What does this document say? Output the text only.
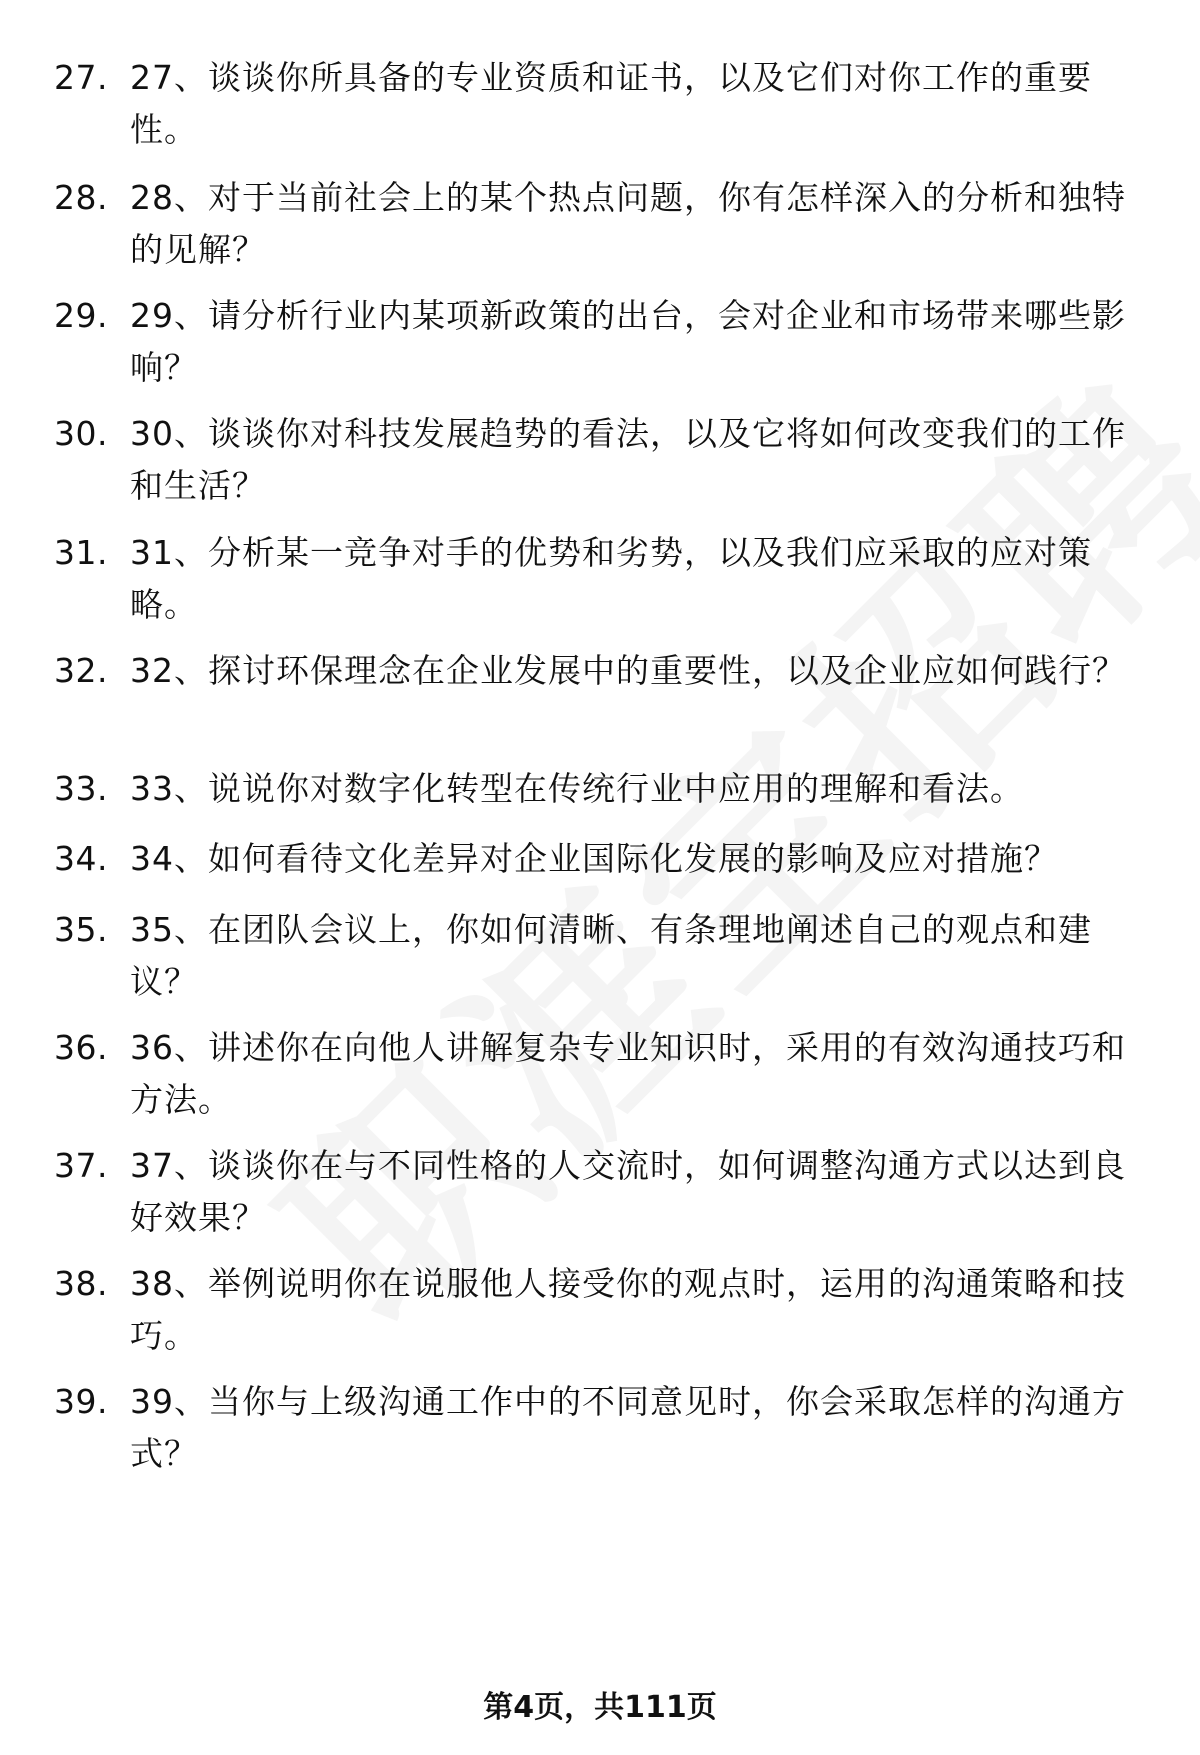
27. 27、谈谈你所具备的专业资质和证书，以及它们对你工作的重要性。
28. 28、对于当前社会上的某个热点问题，你有怎样深入的分析和独特的见解？
29. 29、请分析行业内某项新政策的出台，会对企业和市场带来哪些影响？
30. 30、谈谈你对科技发展趋势的看法，以及它将如何改变我们的工作和生活？
31. 31、分析某一竞争对手的优势和劣势，以及我们应采取的应对策略。
32. 32、探讨环保理念在企业发展中的重要性，以及企业应如何践行？
33. 33、说说你对数字化转型在传统行业中应用的理解和看法。
34. 34、如何看待文化差异对企业国际化发展的影响及应对措施？
35. 35、在团队会议上，你如何清晰、有条理地阐述自己的观点和建议？
36. 36、讲述你在向他人讲解复杂专业知识时，采用的有效沟通技巧和方法。
37. 37、谈谈你在与不同性格的人交流时，如何调整沟通方式以达到良好效果？
38. 38、举例说明你在说服他人接受你的观点时，运用的沟通策略和技巧。
39. 39、当你与上级沟通工作中的不同意见时，你会采取怎样的沟通方式？
第4页，共111页
